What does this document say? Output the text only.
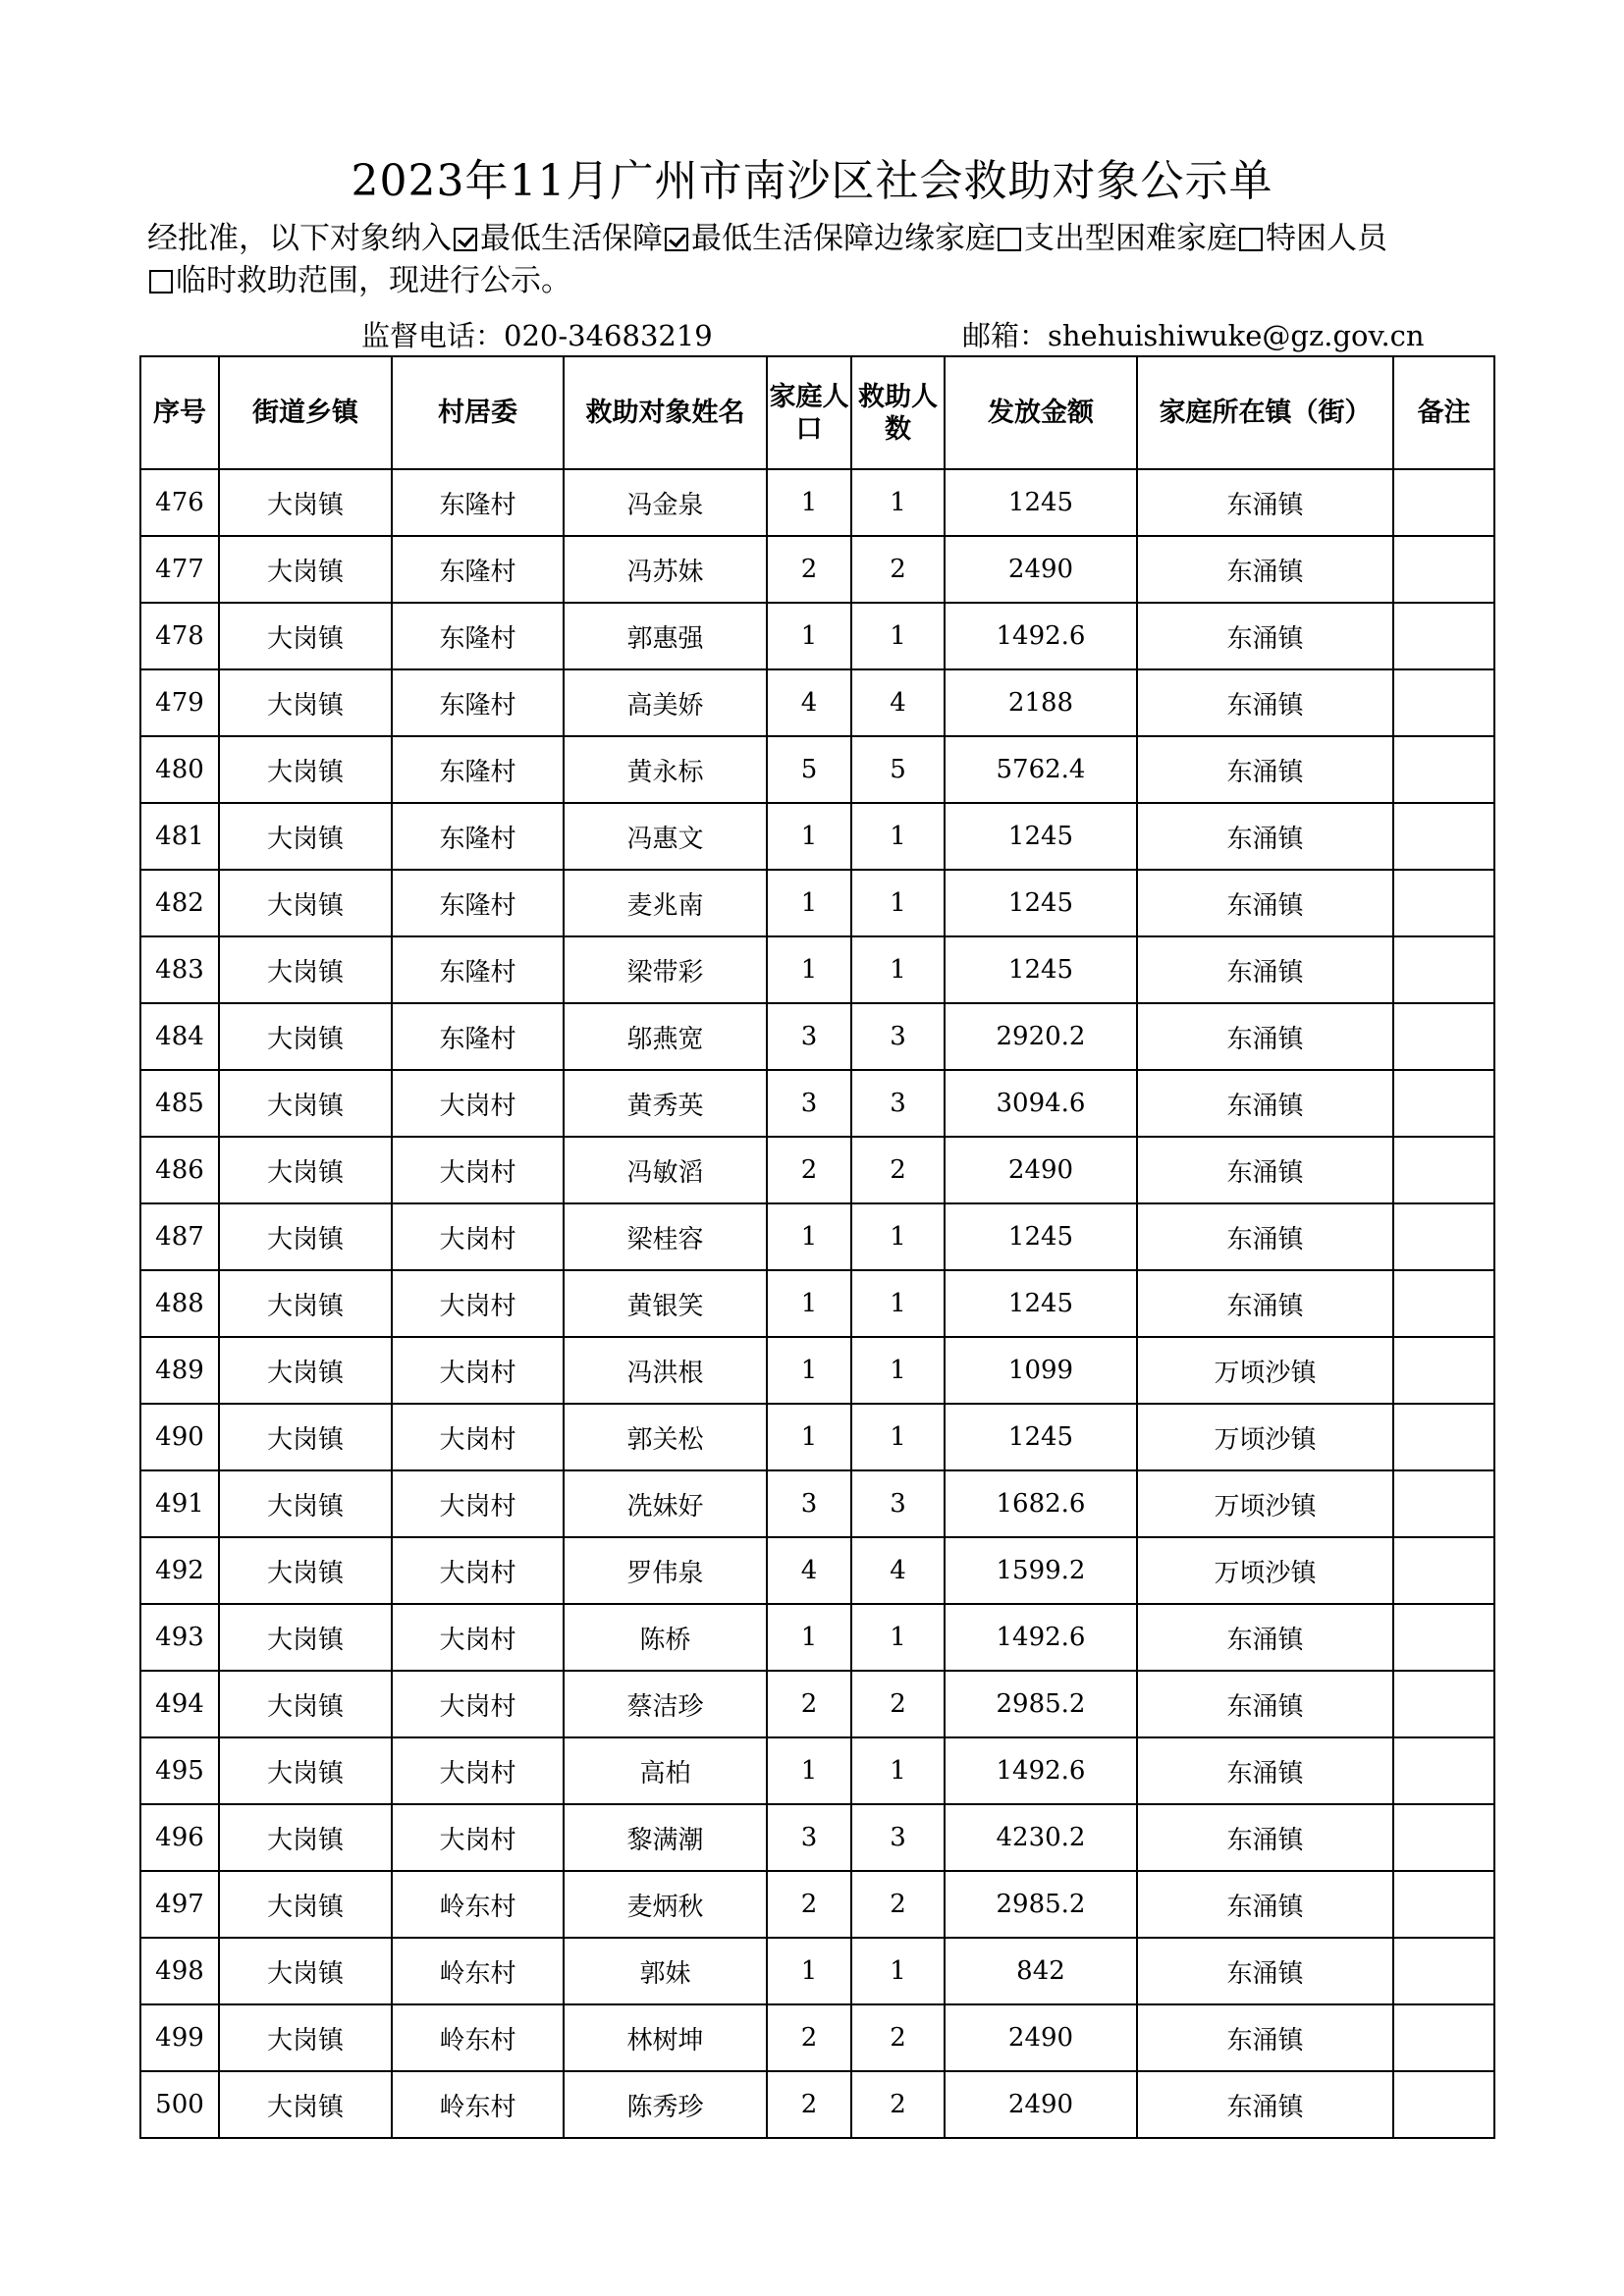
2023年11月广州市南沙区社会救助对象公示单
经批准，以下对象纳入 最低生活保障 最低生活保障边缘家庭 支出型困难家庭 特困人员
临时救助范围，现进行公示。
监督电话：020-34683219	邮箱：shehuishiwuke@gz.gov.cn
序号	街道乡镇	村居委	救助对象姓名	家庭人口	救助人数	发放金额	家庭所在镇（街）	备注
476	大岗镇	东隆村	冯金泉	1	1	1245	东涌镇	
477	大岗镇	东隆村	冯苏妹	2	2	2490	东涌镇	
478	大岗镇	东隆村	郭惠强	1	1	1492.6	东涌镇	
479	大岗镇	东隆村	高美娇	4	4	2188	东涌镇	
480	大岗镇	东隆村	黄永标	5	5	5762.4	东涌镇	
481	大岗镇	东隆村	冯惠文	1	1	1245	东涌镇	
482	大岗镇	东隆村	麦兆南	1	1	1245	东涌镇	
483	大岗镇	东隆村	梁带彩	1	1	1245	东涌镇	
484	大岗镇	东隆村	邬燕宽	3	3	2920.2	东涌镇	
485	大岗镇	大岗村	黄秀英	3	3	3094.6	东涌镇	
486	大岗镇	大岗村	冯敏滔	2	2	2490	东涌镇	
487	大岗镇	大岗村	梁桂容	1	1	1245	东涌镇	
488	大岗镇	大岗村	黄银笑	1	1	1245	东涌镇	
489	大岗镇	大岗村	冯洪根	1	1	1099	万顷沙镇	
490	大岗镇	大岗村	郭关松	1	1	1245	万顷沙镇	
491	大岗镇	大岗村	冼妹好	3	3	1682.6	万顷沙镇	
492	大岗镇	大岗村	罗伟泉	4	4	1599.2	万顷沙镇	
493	大岗镇	大岗村	陈桥	1	1	1492.6	东涌镇	
494	大岗镇	大岗村	蔡洁珍	2	2	2985.2	东涌镇	
495	大岗镇	大岗村	高柏	1	1	1492.6	东涌镇	
496	大岗镇	大岗村	黎满潮	3	3	4230.2	东涌镇	
497	大岗镇	岭东村	麦炳秋	2	2	2985.2	东涌镇	
498	大岗镇	岭东村	郭妹	1	1	842	东涌镇	
499	大岗镇	岭东村	林树坤	2	2	2490	东涌镇	
500	大岗镇	岭东村	陈秀珍	2	2	2490	东涌镇	
